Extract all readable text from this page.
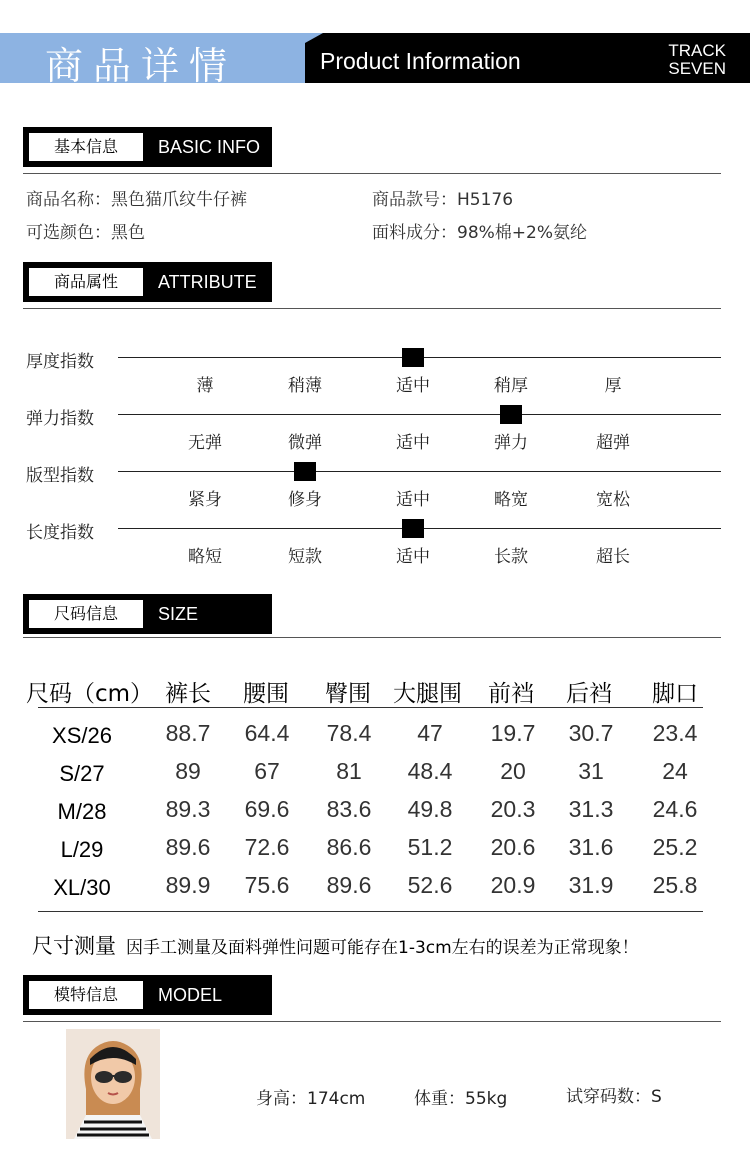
商品详情	Product Information	TRACK
SEVEN
基本信息	BASIC INFO
商品名称：黑色猫爪纹牛仔裤	商品款号：H5176
可选颜色：黑色	面料成分：98%棉+2%氨纶
商品属性	ATTRIBUTE
厚度指数
薄	稍薄	适中	稍厚	厚
弹力指数
无弹	微弹	适中	弹力	超弹
版型指数
紧身	修身	适中	略宽	宽松
长度指数
略短	短款	适中	长款	超长
尺码信息	SIZE
尺码（cm） 裤长 腰围 臀围 大腿围 前裆 后裆 脚口
XS/26	88.7	64.4	78.4	47	19.7	30.7	23.4
S/27	89	67	81	48.4	20	31	24
M/28	89.3	69.6	83.6	49.8	20.3	31.3	24.6
L/29	89.6	72.6	86.6	51.2	20.6	31.6	25.2
XL/30	89.9	75.6	89.6	52.6	20.9	31.9	25.8
尺寸测量 因手工测量及面料弹性问题可能存在1-3cm左右的误差为正常现象！
模特信息	MODEL
身高：174cm	体重：55kg	试穿码数：S
